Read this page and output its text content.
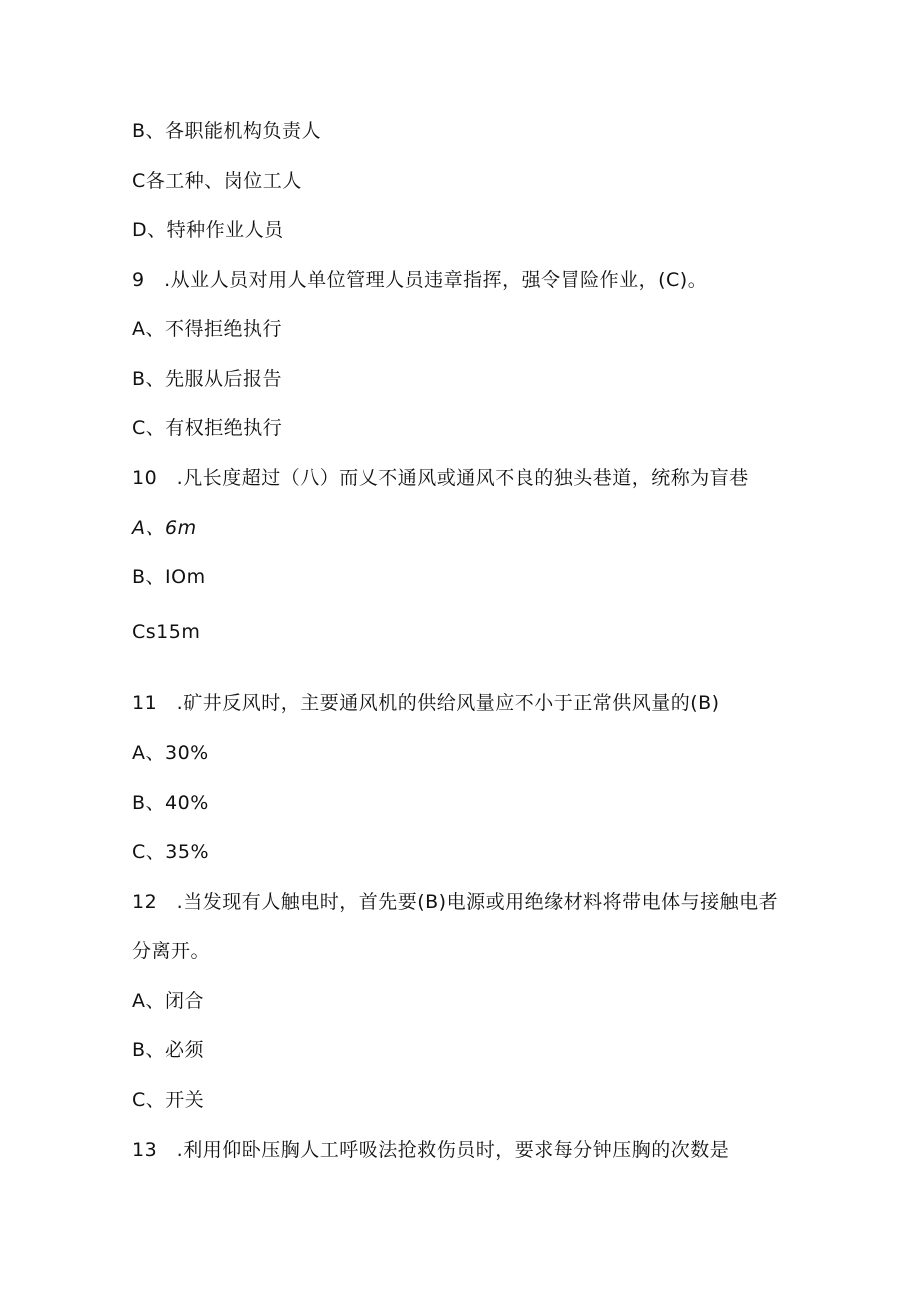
B、各职能机构负责人
C各工种、岗位工人
D、特种作业人员
9　.从业人员对用人单位管理人员违章指挥，强令冒险作业，(C)。
A、不得拒绝执行
B、先服从后报告
C、有权拒绝执行
10　.凡长度超过（八）而乂不通风或通风不良的独头巷道，统称为盲巷
A、6m
B、IOm
Cs15m
11　.矿井反风时，主要通风机的供给风量应不小于正常供风量的(B)
A、30%
B、40%
C、35%
12　.当发现有人触电时，首先要(B)电源或用绝缘材料将带电体与接触电者
分离开。
A、闭合
B、必须
C、开关
13　.利用仰卧压胸人工呼吸法抢救伤员时，要求每分钟压胸的次数是
